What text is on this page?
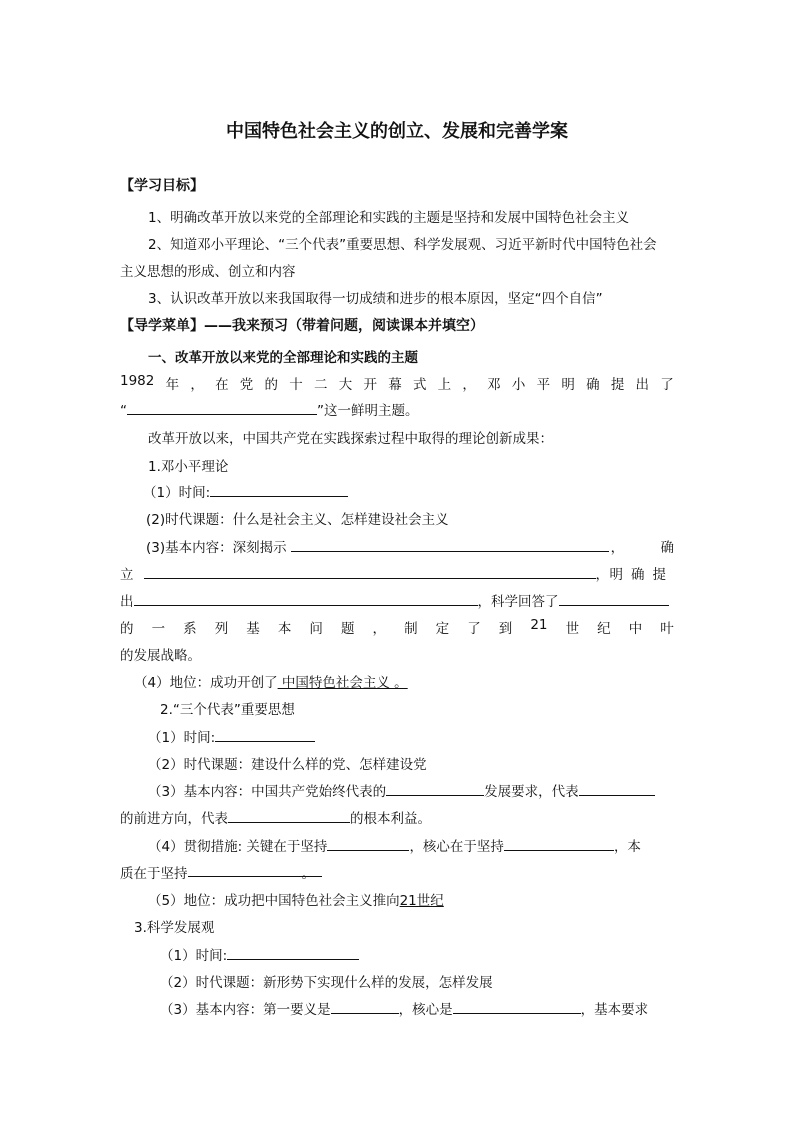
中国特色社会主义的创立、发展和完善学案
【学习目标】
1、明确改革开放以来党的全部理论和实践的主题是坚持和发展中国特色社会主义
2、知道邓小平理论、“三个代表”重要思想、科学发展观、习近平新时代中国特色社会
主义思想的形成、创立和内容
3、认识改革开放以来我国取得一切成绩和进步的根本原因，坚定“四个自信”
【导学菜单】——我来预习（带着问题，阅读课本并填空）
一、改革开放以来党的全部理论和实践的主题
1982 年 ， 在 党 的 十 二 大 开 幕 式 上 ， 邓 小 平 明 确 提 出 了
“	”这一鲜明主题。
改革开放以来，中国共产党在实践探索过程中取得的理论创新成果：
1.邓小平理论
（1）时间:
(2)时代课题：什么是社会主义、怎样建设社会主义
(3)基本内容：深刻揭示	，	确
立	， 明确提
出	，科学回答了
的 一 系 列 基 本 问 题 ， 制 定 了 到 21 世 纪 中 叶
的发展战略。
（4）地位：成功开创了 中国特色社会主义 。
2.“三个代表”重要思想
（1）时间:
（2）时代课题：建设什么样的党、怎样建设党
（3）基本内容：中国共产党始终代表的	发展要求，代表
的前进方向，代表	的根本利益。
（4）贯彻措施: 关键在于坚持	，核心在于坚持	，本
质在于坚持	。
（5）地位：成功把中国特色社会主义推向21世纪
3.科学发展观
（1）时间:
（2）时代课题：新形势下实现什么样的发展，怎样发展
（3）基本内容：第一要义是	，核心是	，基本要求
